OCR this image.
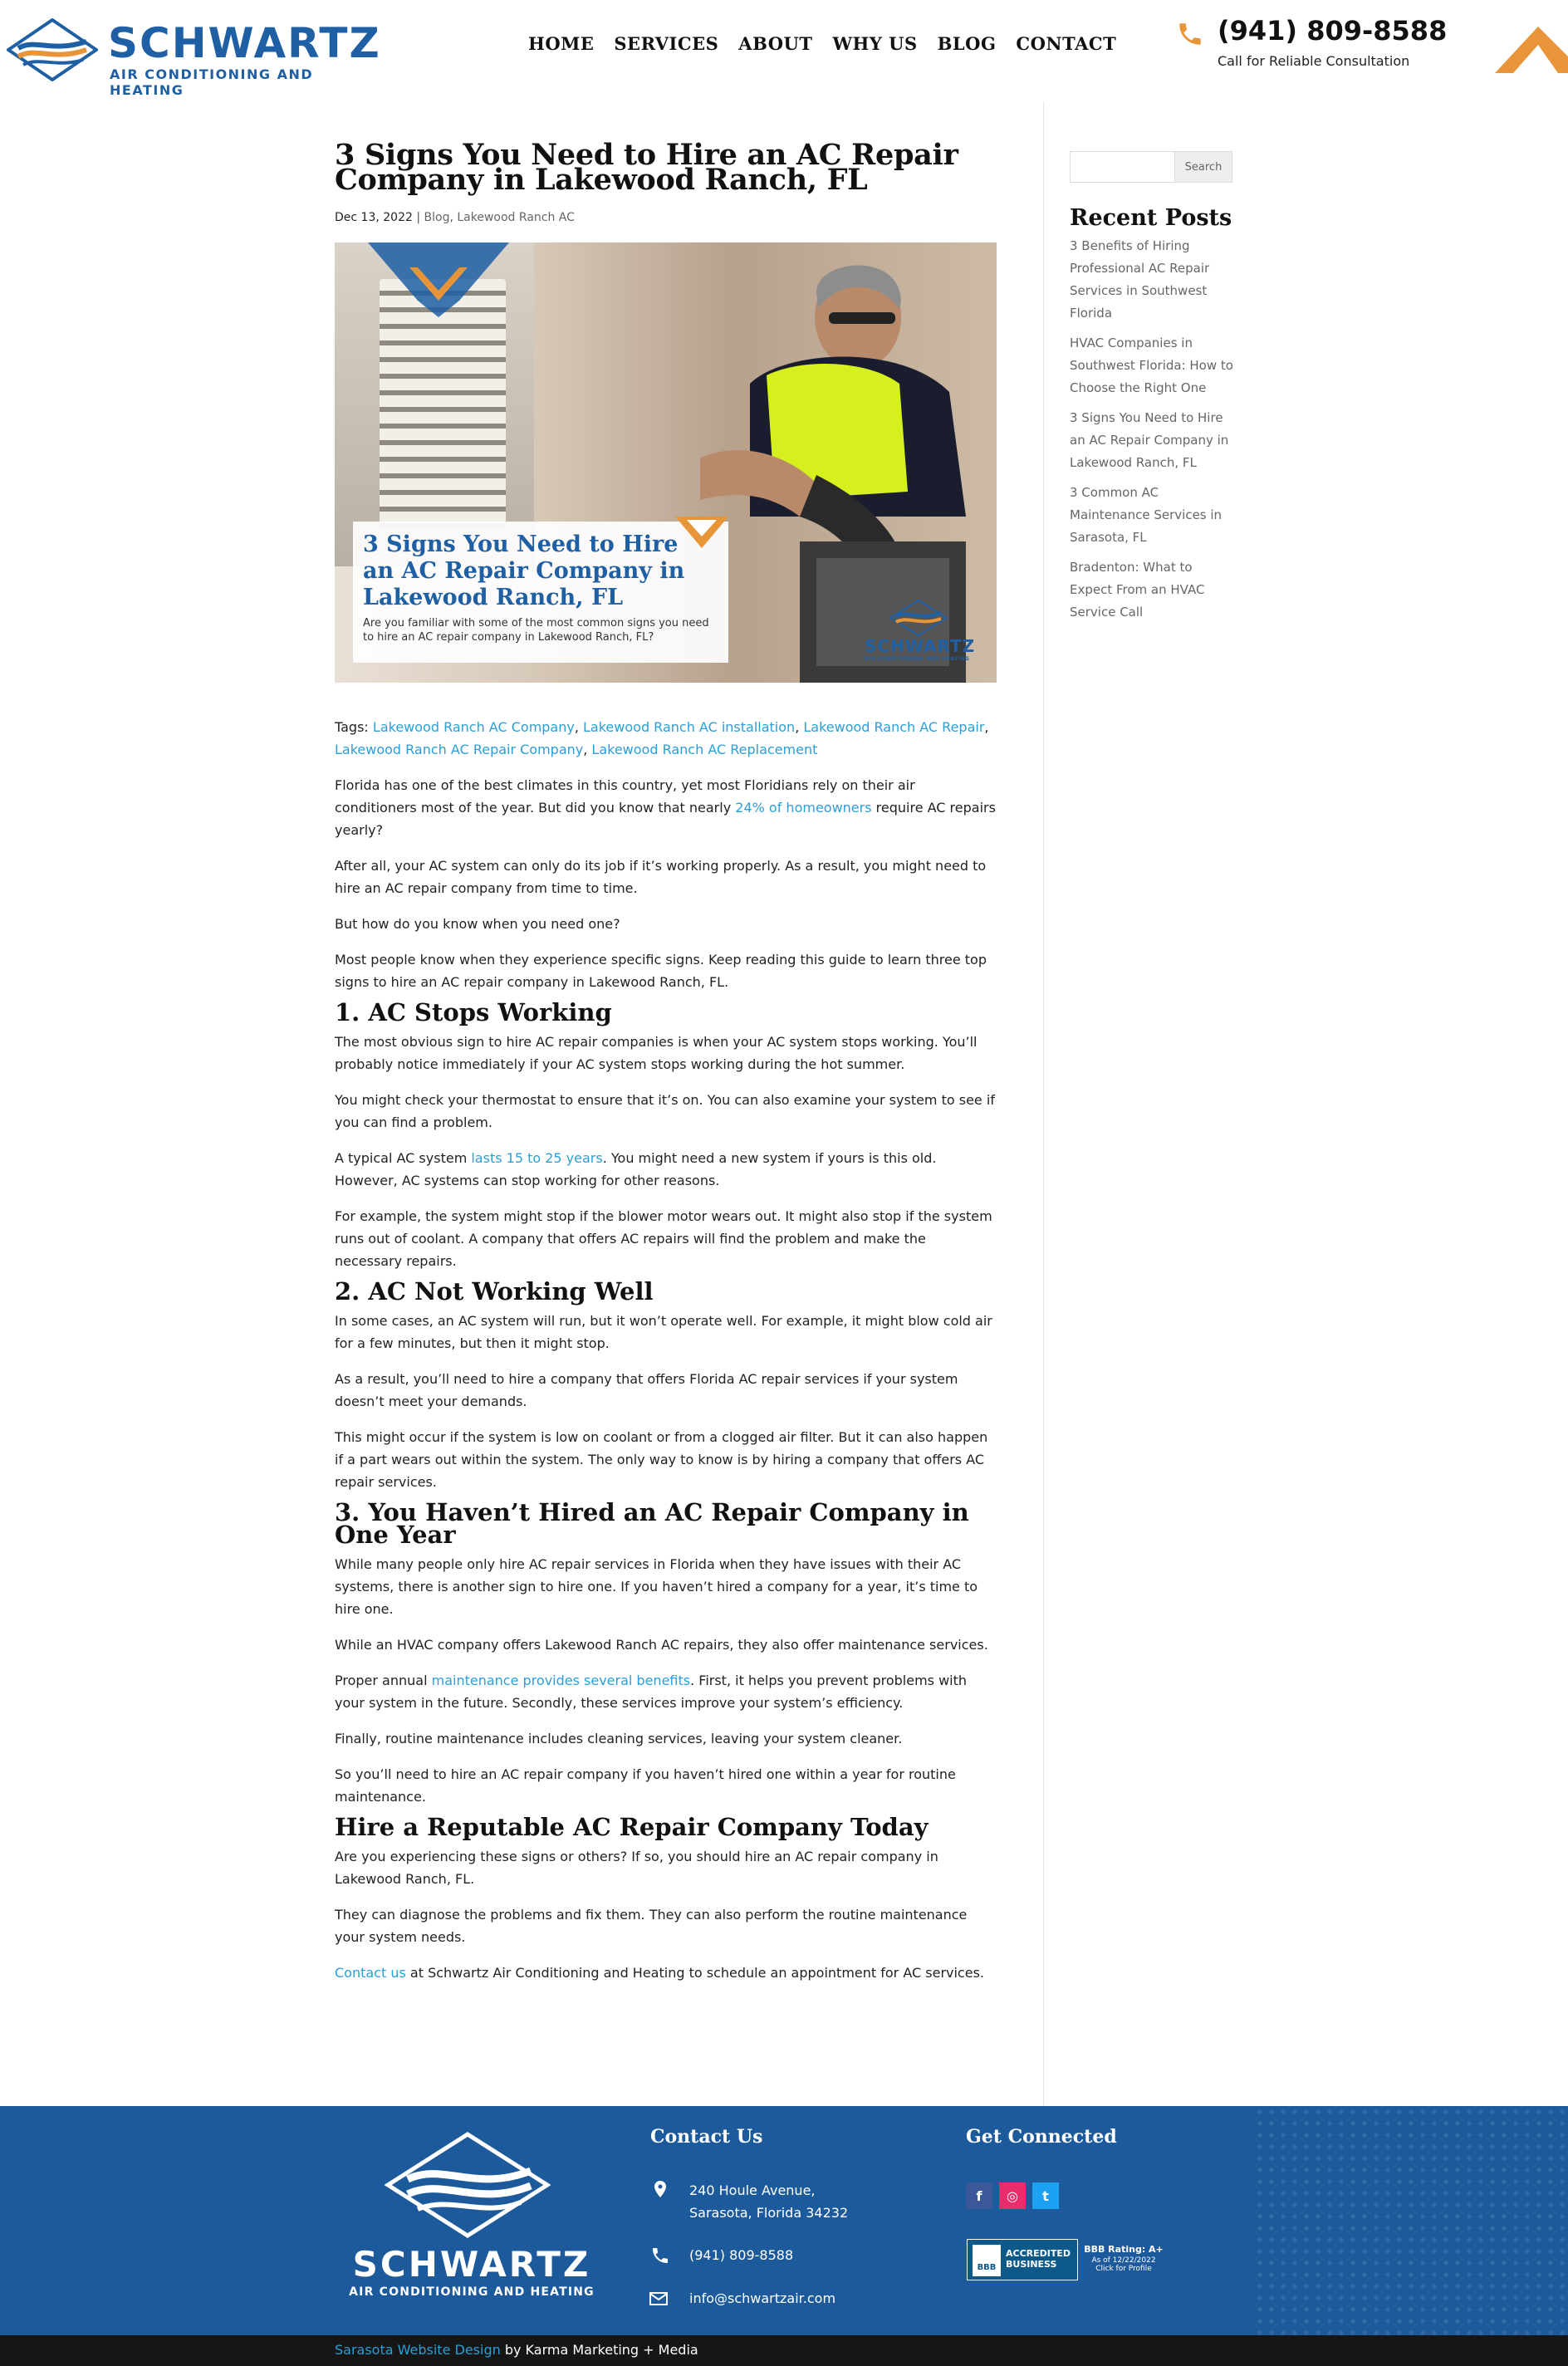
SCHWARTZ
AIR CONDITIONING AND HEATING
HOME SERVICES ABOUT WHY US BLOG CONTACT	(941) 809-8588
Call for Reliable Consultation
3 Signs You Need to Hire an AC Repair Company in Lakewood Ranch, FL
Dec 13, 2022 | Blog, Lakewood Ranch AC
3 Signs You Need to Hire an AC Repair Company in Lakewood Ranch, FL
Are you familiar with some of the most common signs you need to hire an AC repair company in Lakewood Ranch, FL?	SCHWARTZ
AIR CONDITIONING AND HEATING
Tags: Lakewood Ranch AC Company, Lakewood Ranch AC installation, Lakewood Ranch AC Repair, Lakewood Ranch AC Repair Company, Lakewood Ranch AC Replacement

Florida has one of the best climates in this country, yet most Floridians rely on their air conditioners most of the year. But did you know that nearly 24% of homeowners require AC repairs yearly?

After all, your AC system can only do its job if it’s working properly. As a result, you might need to hire an AC repair company from time to time.

But how do you know when you need one?

Most people know when they experience specific signs. Keep reading this guide to learn three top signs to hire an AC repair company in Lakewood Ranch, FL.

1. AC Stops Working

The most obvious sign to hire AC repair companies is when your AC system stops working. You’ll probably notice immediately if your AC system stops working during the hot summer.

You might check your thermostat to ensure that it’s on. You can also examine your system to see if you can find a problem.

A typical AC system lasts 15 to 25 years. You might need a new system if yours is this old. However, AC systems can stop working for other reasons.

For example, the system might stop if the blower motor wears out. It might also stop if the system runs out of coolant. A company that offers AC repairs will find the problem and make the necessary repairs.

2. AC Not Working Well

In some cases, an AC system will run, but it won’t operate well. For example, it might blow cold air for a few minutes, but then it might stop.

As a result, you’ll need to hire a company that offers Florida AC repair services if your system doesn’t meet your demands.

This might occur if the system is low on coolant or from a clogged air filter. But it can also happen if a part wears out within the system. The only way to know is by hiring a company that offers AC repair services.

3. You Haven’t Hired an AC Repair Company in One Year

While many people only hire AC repair services in Florida when they have issues with their AC systems, there is another sign to hire one. If you haven’t hired a company for a year, it’s time to hire one.

While an HVAC company offers Lakewood Ranch AC repairs, they also offer maintenance services.

Proper annual maintenance provides several benefits. First, it helps you prevent problems with your system in the future. Secondly, these services improve your system’s efficiency.

Finally, routine maintenance includes cleaning services, leaving your system cleaner.

So you’ll need to hire an AC repair company if you haven’t hired one within a year for routine maintenance.

Hire a Reputable AC Repair Company Today

Are you experiencing these signs or others? If so, you should hire an AC repair company in Lakewood Ranch, FL.

They can diagnose the problems and fix them. They can also perform the routine maintenance your system needs.

Contact us at Schwartz Air Conditioning and Heating to schedule an appointment for AC services.

Search
Recent Posts
3 Benefits of Hiring Professional AC Repair Services in Southwest Florida
HVAC Companies in Southwest Florida: How to Choose the Right One
3 Signs You Need to Hire an AC Repair Company in Lakewood Ranch, FL
3 Common AC Maintenance Services in Sarasota, FL
Bradenton: What to Expect From an HVAC Service Call
SCHWARTZ
AIR CONDITIONING AND HEATING
Contact Us
240 Houle Avenue,
Sarasota, Florida 34232
(941) 809-8588
info@schwartzair.com
Get Connected
f	◎	t
BBB
ACCREDITED
BUSINESS
BBB Rating: A+
As of 12/22/2022
Click for Profile
Sarasota Website Design by Karma Marketing + Media
